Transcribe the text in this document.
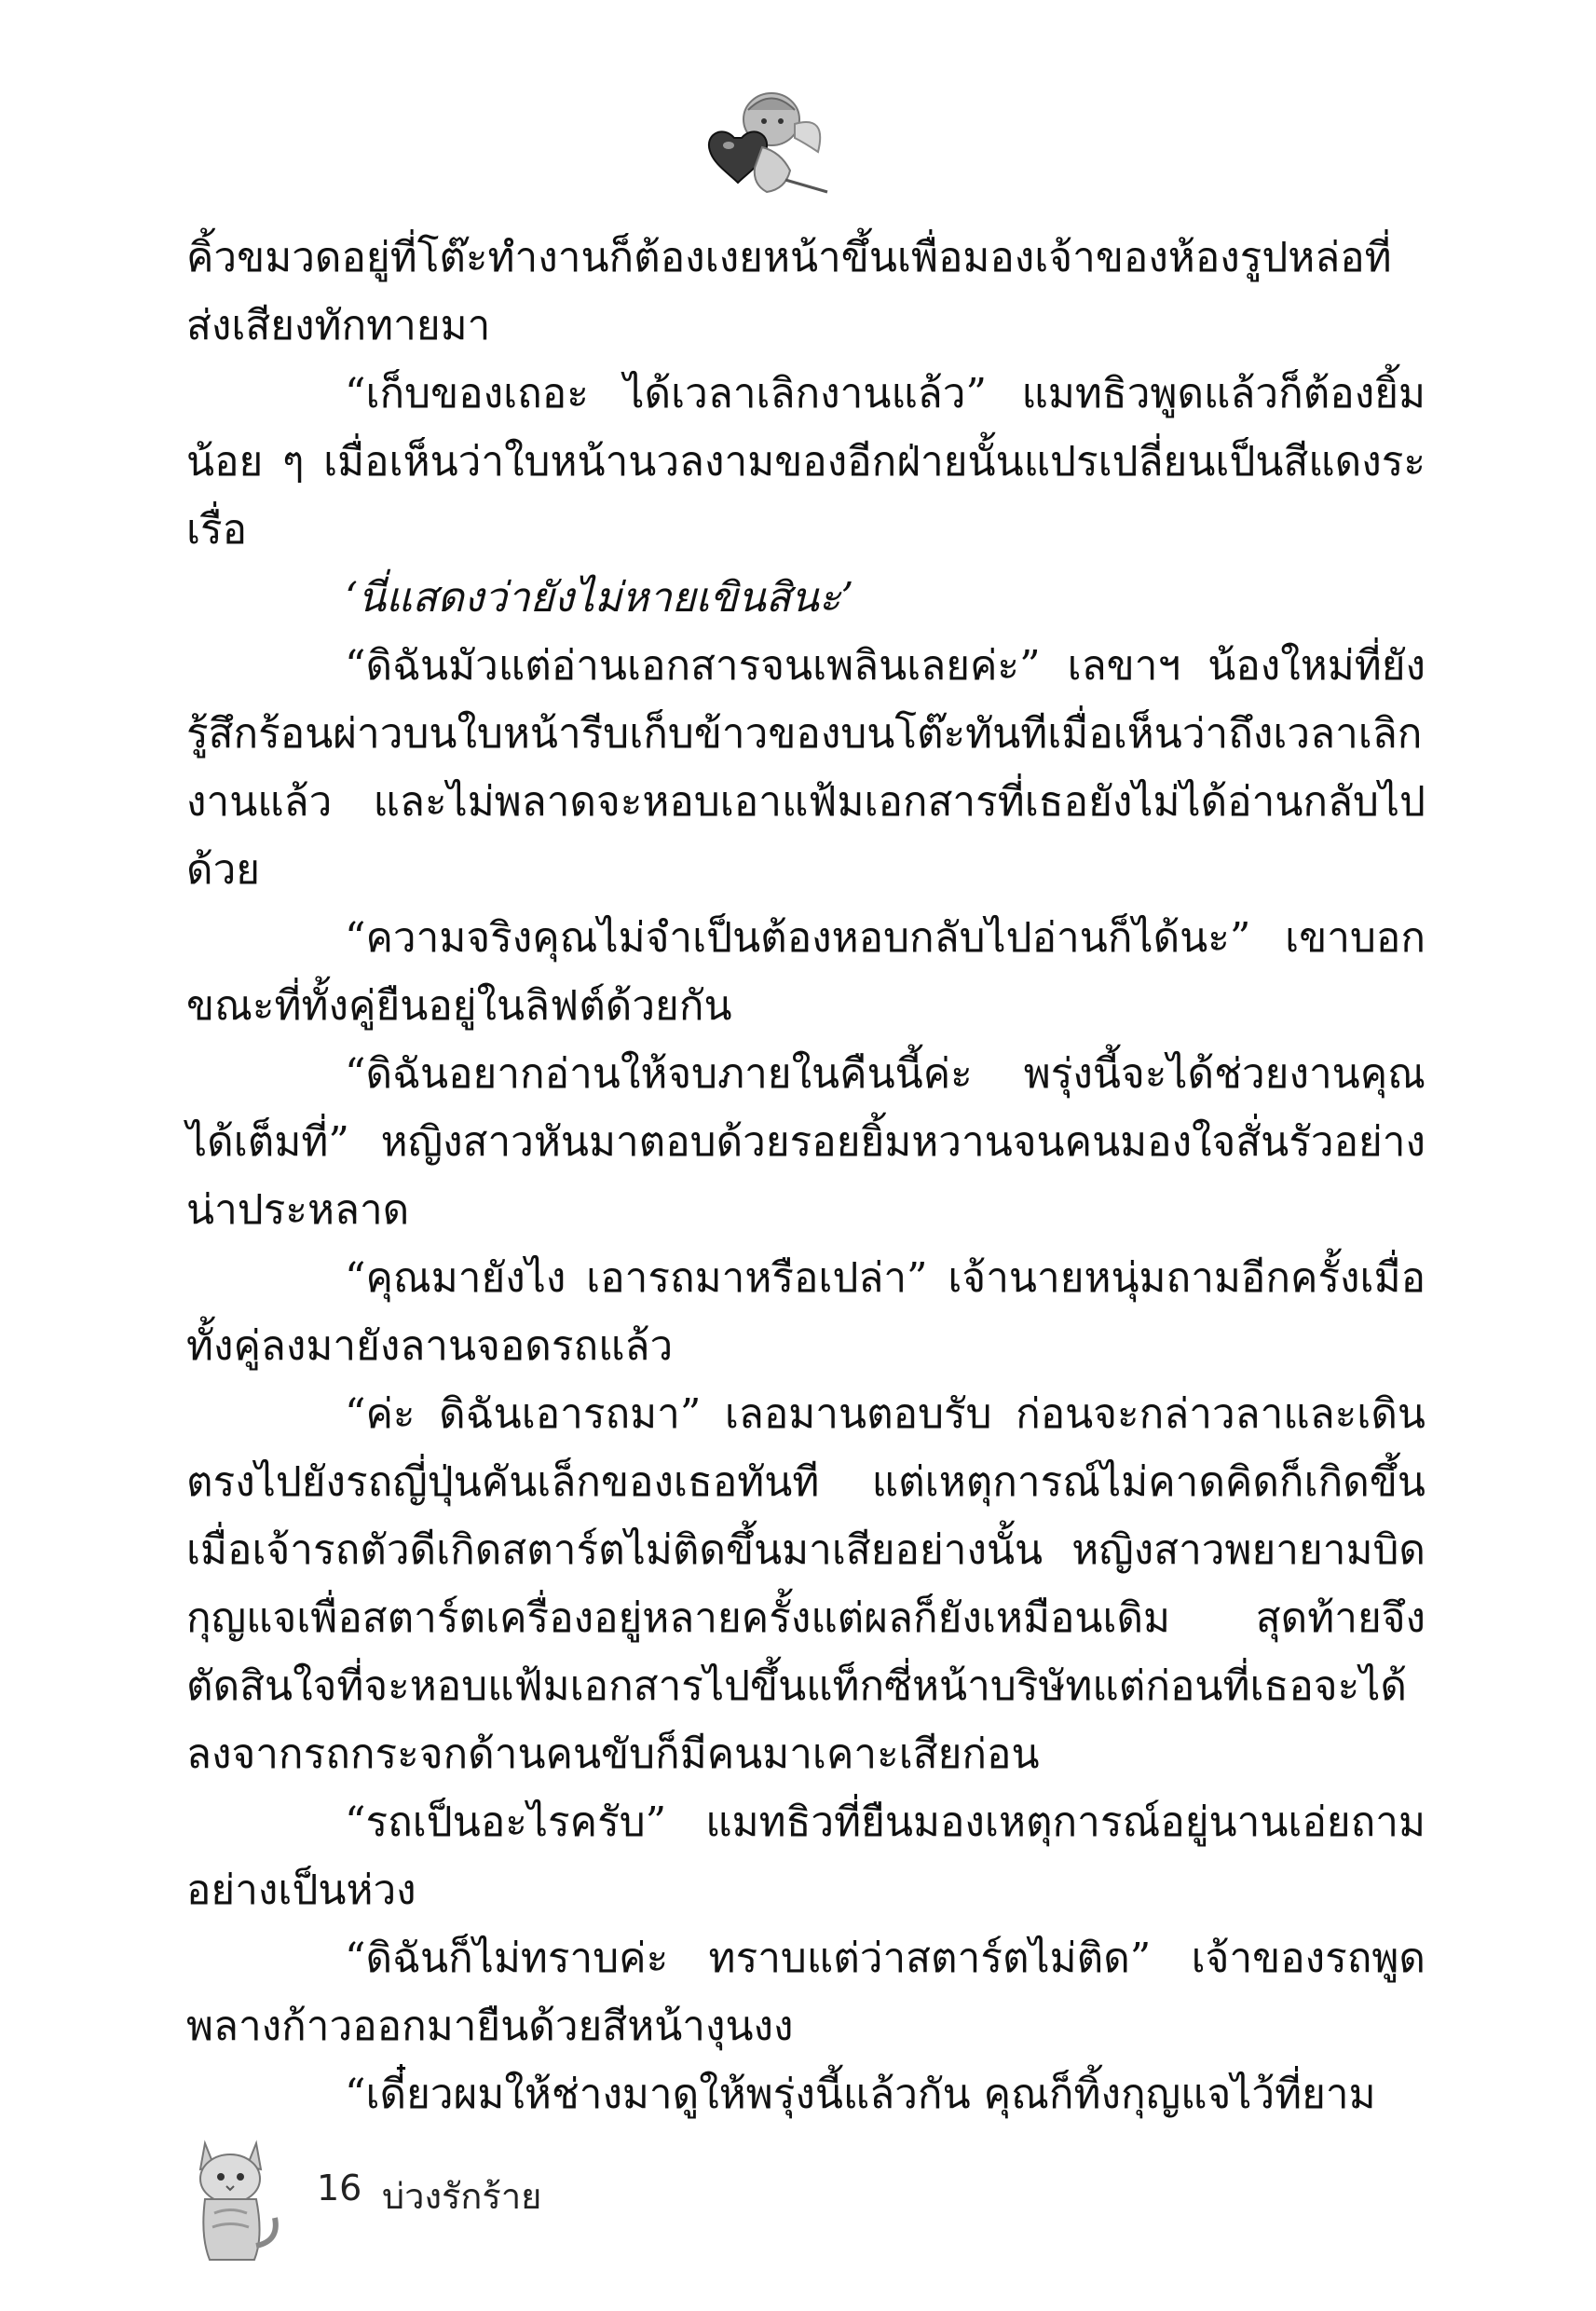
คิ้วขมวดอยู่ที่โต๊ะทำงานก็ต้องเงยหน้าขึ้นเพื่อมองเจ้าของห้องรูปหล่อที่ส่งเสียงทักทายมา

“เก็บของเถอะ ได้เวลาเลิกงานแล้ว” แมทธิวพูดแล้วก็ต้องยิ้มน้อย ๆ เมื่อเห็นว่าใบหน้านวลงามของอีกฝ่ายนั้นแปรเปลี่ยนเป็นสีแดงระเรื่อ

‘นี่แสดงว่ายังไม่หายเขินสินะ’

“ดิฉันมัวแต่อ่านเอกสารจนเพลินเลยค่ะ” เลขาฯ น้องใหม่ที่ยังรู้สึกร้อนผ่าวบนใบหน้ารีบเก็บข้าวของบนโต๊ะทันทีเมื่อเห็นว่าถึงเวลาเลิกงานแล้ว และไม่พลาดจะหอบเอาแฟ้มเอกสารที่เธอยังไม่ได้อ่านกลับไปด้วย

“ความจริงคุณไม่จำเป็นต้องหอบกลับไปอ่านก็ได้นะ” เขาบอกขณะที่ทั้งคู่ยืนอยู่ในลิฟต์ด้วยกัน

“ดิฉันอยากอ่านให้จบภายในคืนนี้ค่ะ พรุ่งนี้จะได้ช่วยงานคุณได้เต็มที่” หญิงสาวหันมาตอบด้วยรอยยิ้มหวานจนคนมองใจสั่นรัวอย่างน่าประหลาด

“คุณมายังไง เอารถมาหรือเปล่า” เจ้านายหนุ่มถามอีกครั้งเมื่อทั้งคู่ลงมายังลานจอดรถแล้ว

“ค่ะ ดิฉันเอารถมา” เลอมานตอบรับ ก่อนจะกล่าวลาและเดินตรงไปยังรถญี่ปุ่นคันเล็กของเธอทันที แต่เหตุการณ์ไม่คาดคิดก็เกิดขึ้นเมื่อเจ้ารถตัวดีเกิดสตาร์ตไม่ติดขึ้นมาเสียอย่างนั้น หญิงสาวพยายามบิดกุญแจเพื่อสตาร์ตเครื่องอยู่หลายครั้งแต่ผลก็ยังเหมือนเดิม สุดท้ายจึงตัดสินใจที่จะหอบแฟ้มเอกสารไปขึ้นแท็กซี่หน้าบริษัทแต่ก่อนที่เธอจะได้ลงจากรถกระจกด้านคนขับก็มีคนมาเคาะเสียก่อน

“รถเป็นอะไรครับ” แมทธิวที่ยืนมองเหตุการณ์อยู่นานเอ่ยถามอย่างเป็นห่วง

“ดิฉันก็ไม่ทราบค่ะ ทราบแต่ว่าสตาร์ตไม่ติด” เจ้าของรถพูดพลางก้าวออกมายืนด้วยสีหน้างุนงง

“เดี๋ยวผมให้ช่างมาดูให้พรุ่งนี้แล้วกัน คุณก็ทิ้งกุญแจไว้ที่ยาม

16 บ่วงรักร้าย
